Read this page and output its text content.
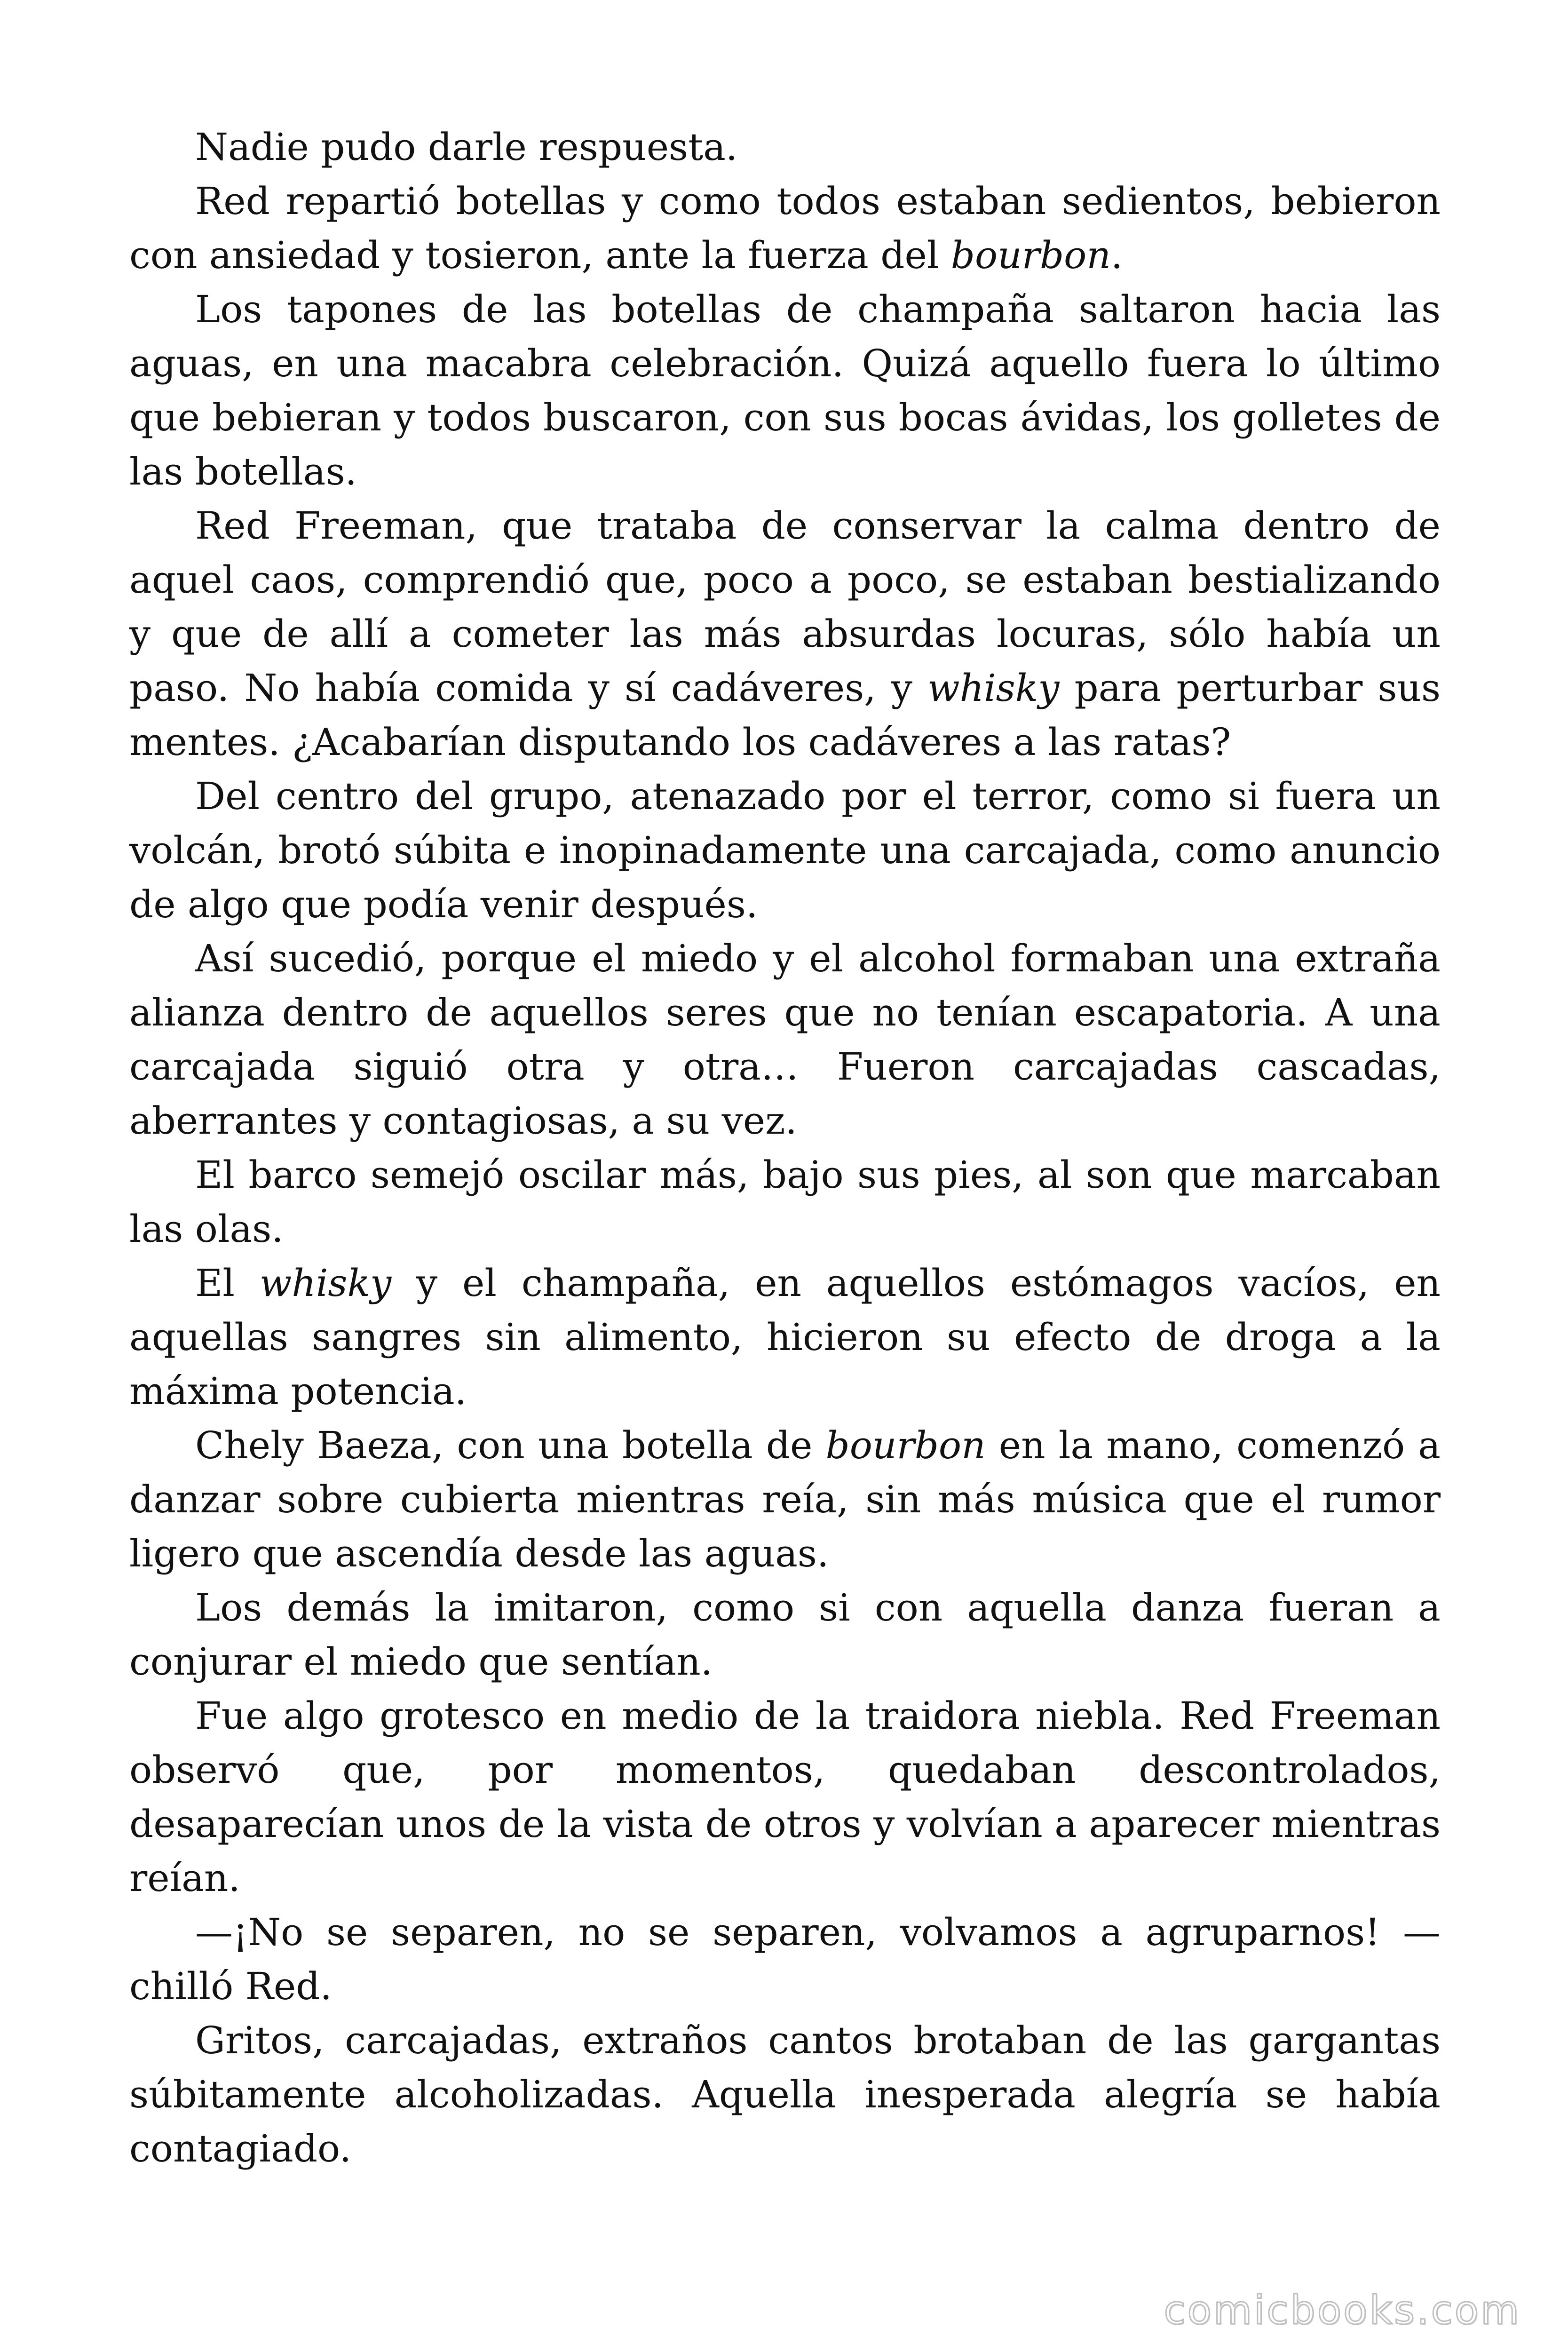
Nadie pudo darle respuesta.

Red repartió botellas y como todos estaban sedientos, bebieron con ansiedad y tosieron, ante la fuerza del bourbon.

Los tapones de las botellas de champaña saltaron hacia las aguas, en una macabra celebración. Quizá aquello fuera lo último que bebieran y todos buscaron, con sus bocas ávidas, los golletes de las botellas.

Red Freeman, que trataba de conservar la calma dentro de aquel caos, comprendió que, poco a poco, se estaban bestializando y que de allí a cometer las más absurdas locuras, sólo había un paso. No había comida y sí cadáveres, y whisky para perturbar sus mentes. ¿Acabarían disputando los cadáveres a las ratas?

Del centro del grupo, atenazado por el terror, como si fuera un volcán, brotó súbita e inopinadamente una carcajada, como anuncio de algo que podía venir después.

Así sucedió, porque el miedo y el alcohol formaban una extraña alianza dentro de aquellos seres que no tenían escapatoria. A una carcajada siguió otra y otra… Fueron carcajadas cascadas, aberrantes y contagiosas, a su vez.

El barco semejó oscilar más, bajo sus pies, al son que marcaban las olas.

El whisky y el champaña, en aquellos estómagos vacíos, en aquellas sangres sin alimento, hicieron su efecto de droga a la máxima potencia.

Chely Baeza, con una botella de bourbon en la mano, comenzó a danzar sobre cubierta mientras reía, sin más música que el rumor ligero que ascendía desde las aguas.

Los demás la imitaron, como si con aquella danza fueran a conjurar el miedo que sentían.

Fue algo grotesco en medio de la traidora niebla. Red Freeman observó que, por momentos, quedaban descontrolados, desaparecían unos de la vista de otros y volvían a aparecer mientras reían.

—¡No se separen, no se separen, volvamos a agruparnos! —chilló Red.

Gritos, carcajadas, extraños cantos brotaban de las gargantas súbitamente alcoholizadas. Aquella inesperada alegría se había contagiado.

comicbooks.com
